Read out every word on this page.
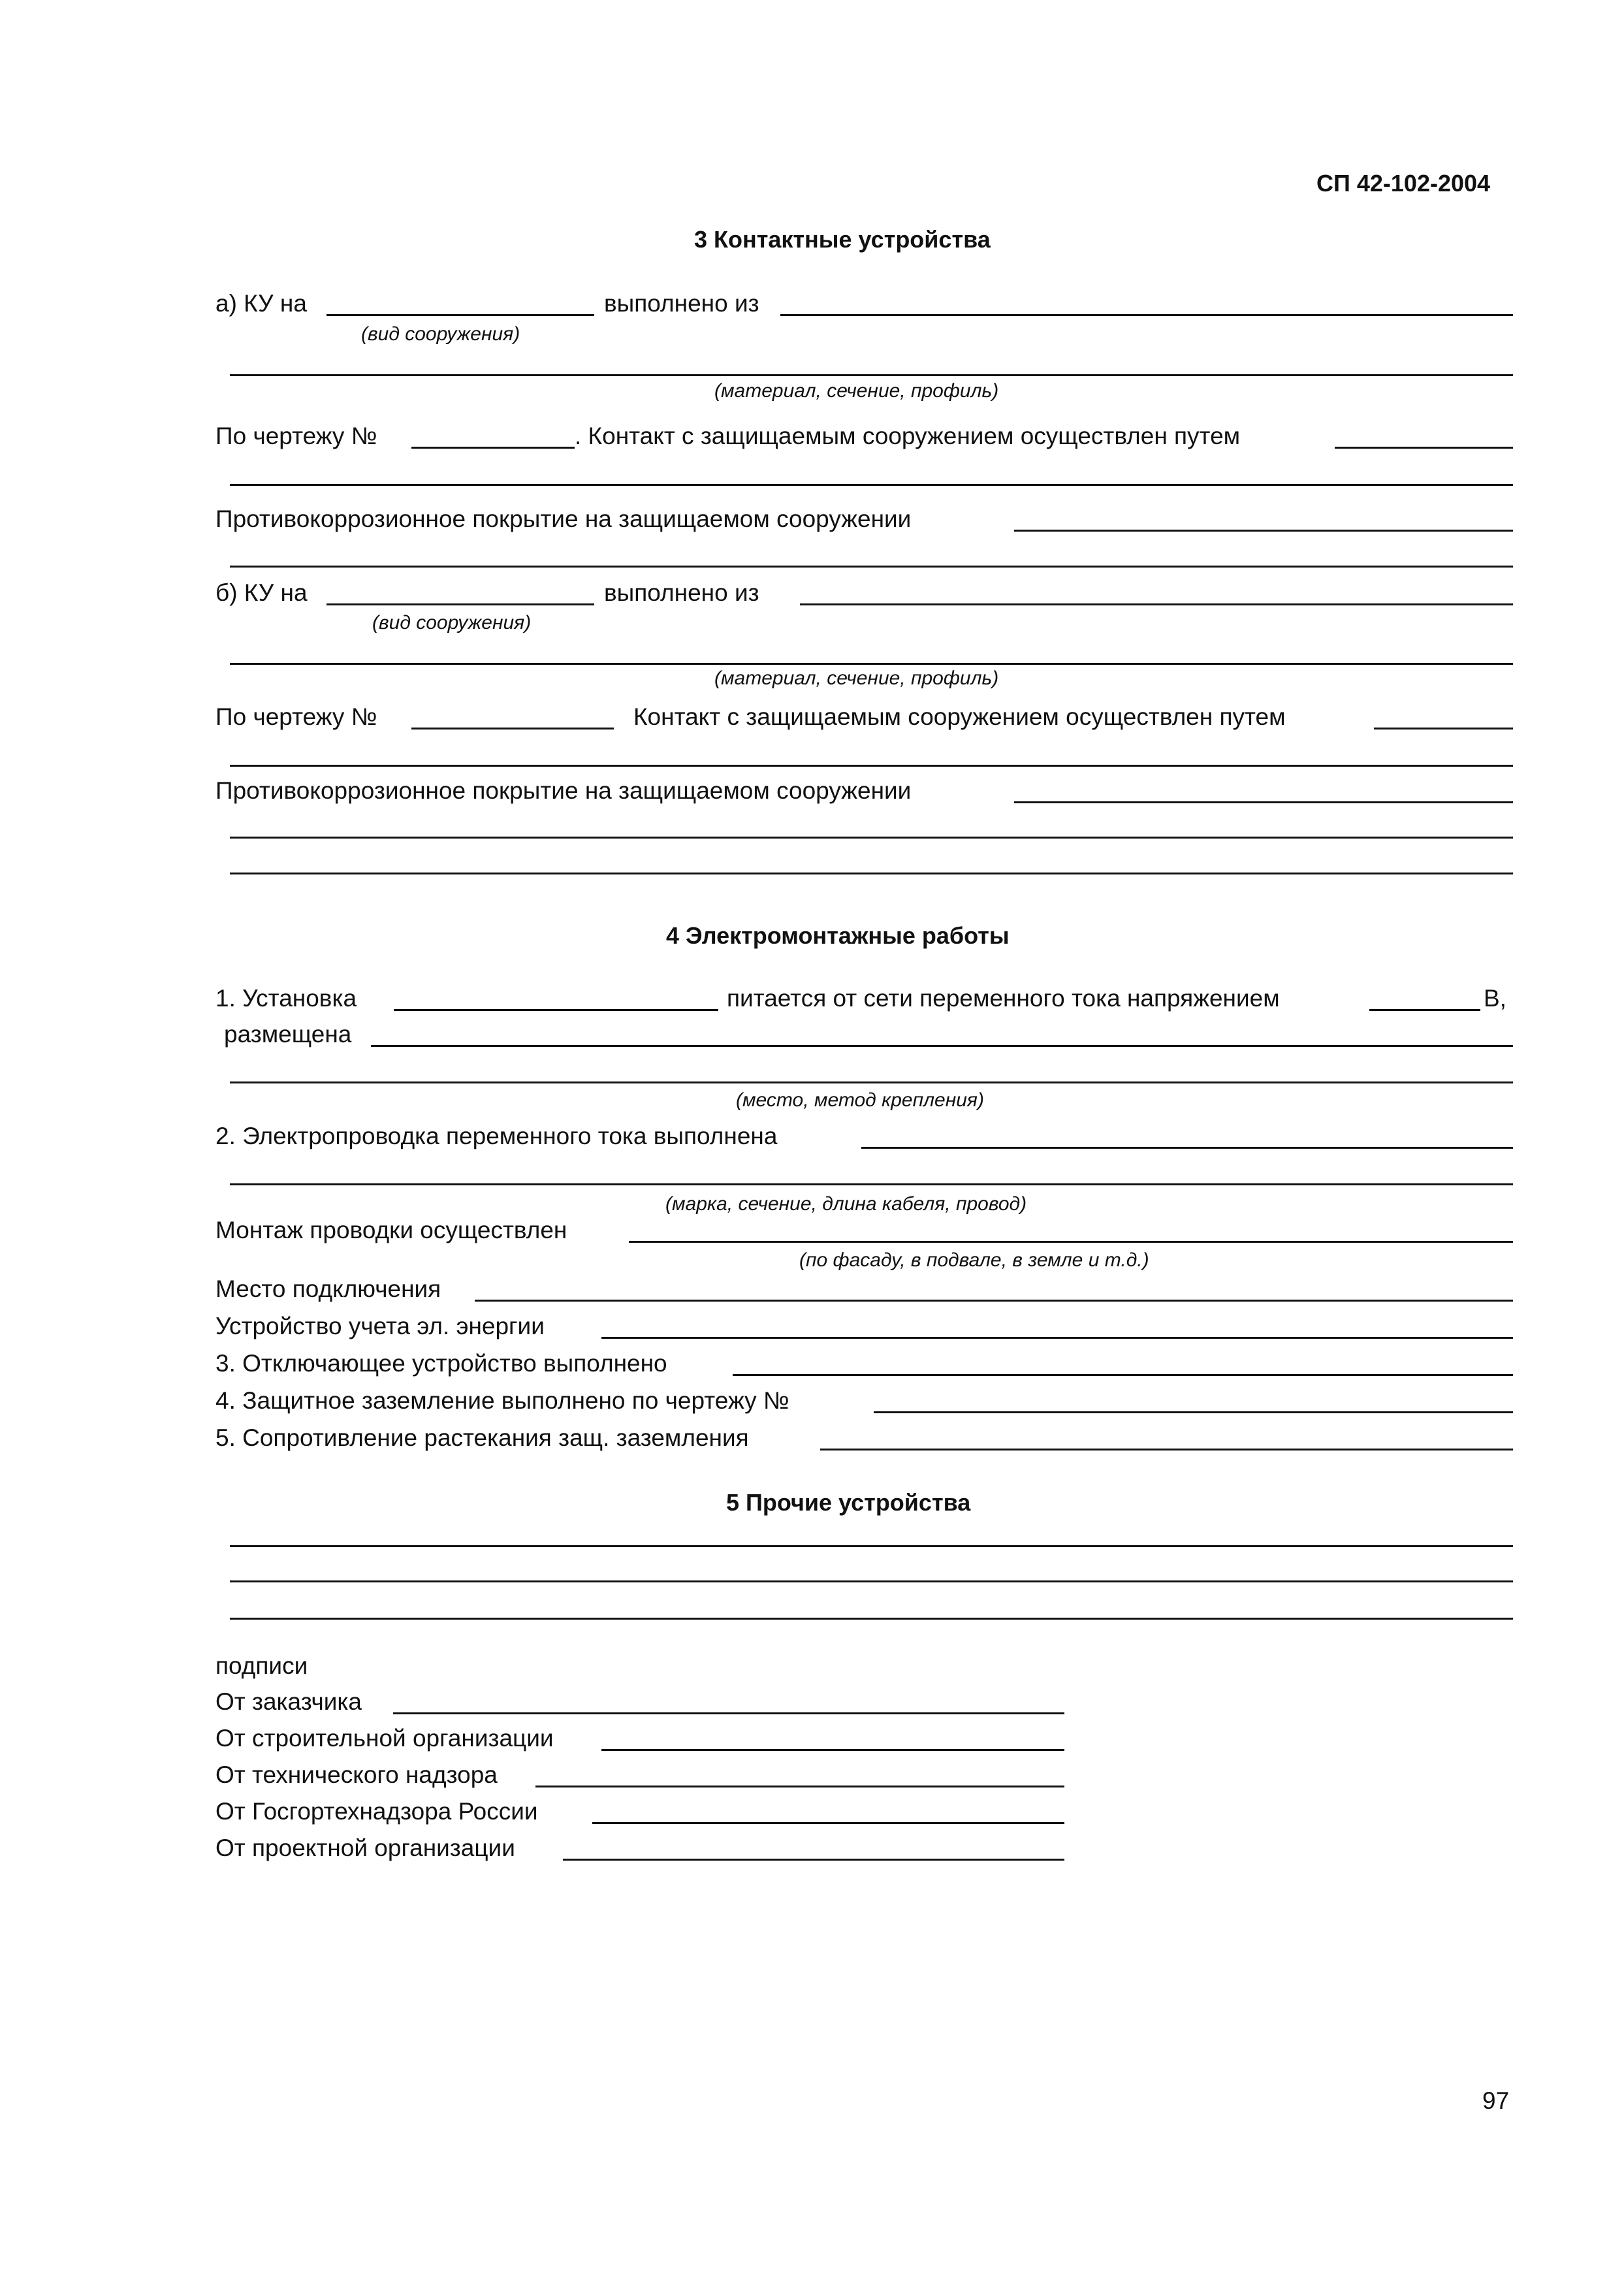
СП 42-102-2004
3 Контактные устройства
а) КУ на	выполнено из
(вид сооружения)
(материал, сечение, профиль)
По чертежу №	. Контакт с защищаемым сооружением осуществлен путем
Противокоррозионное покрытие на защищаемом сооружении
б) КУ на	выполнено из
(вид сооружения)
(материал, сечение, профиль)
По чертежу №	Контакт с защищаемым сооружением осуществлен путем
Противокоррозионное покрытие на защищаемом сооружении
4 Электромонтажные работы
1. Установка	питается от сети переменного тока напряжением	В,
размещена
(место, метод крепления)
2. Электропроводка переменного тока выполнена
(марка, сечение, длина кабеля, провод)
Монтаж проводки осуществлен
(по фасаду, в подвале, в земле и т.д.)
Место подключения
Устройство учета эл. энергии
3. Отключающее устройство выполнено
4. Защитное заземление выполнено по чертежу №
5. Сопротивление растекания защ. заземления
5 Прочие устройства
подписи
От заказчика
От строительной организации
От технического надзора
От Госгортехнадзора России
От проектной организации
97
